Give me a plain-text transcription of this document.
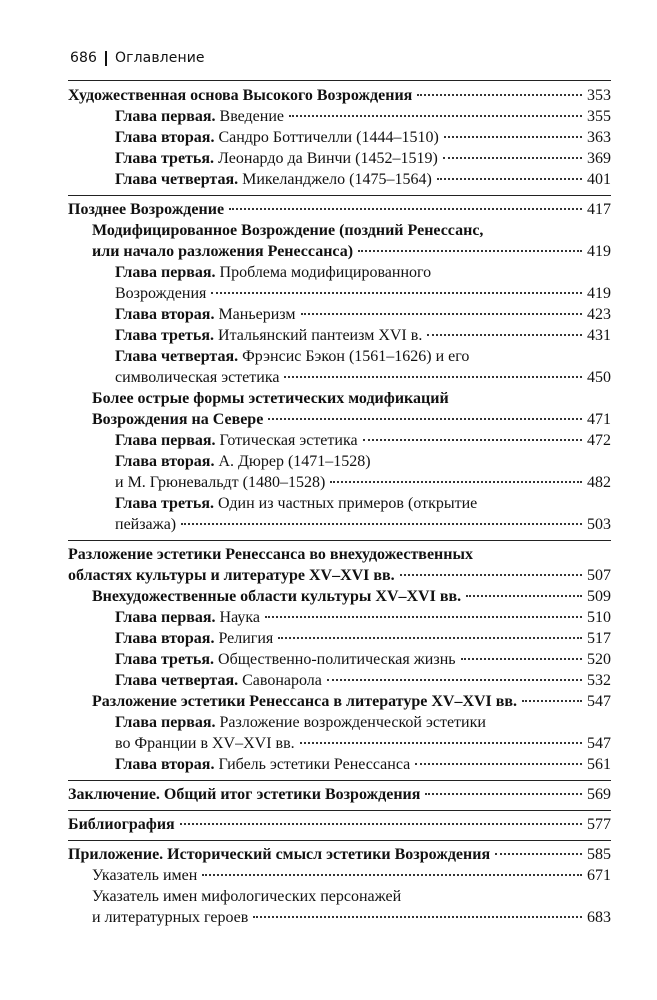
686 Оглавление
Художественная основа Высокого Возрождения	353
Глава первая. Введение	355
Глава вторая. Сандро Боттичелли (1444–1510)	363
Глава третья. Леонардо да Винчи (1452–1519)	369
Глава четвертая. Микеланджело (1475–1564)	401
Позднее Возрождение	417
Модифицированное Возрождение (поздний Ренессанс,
или начало разложения Ренессанса)	419
Глава первая. Проблема модифицированного
Возрождения	419
Глава вторая. Маньеризм	423
Глава третья. Итальянский пантеизм XVI в.	431
Глава четвертая. Фрэнсис Бэкон (1561–1626) и его
символическая эстетика	450
Более острые формы эстетических модификаций
Возрождения на Севере	471
Глава первая. Готическая эстетика	472
Глава вторая. А. Дюрер (1471–1528)
и М. Грюневальдт (1480–1528)	482
Глава третья. Один из частных примеров (открытие
пейзажа)	503
Разложение эстетики Ренессанса во внехудожественных
областях культуры и литературе XV–XVI вв.	507
Внехудожественные области культуры XV–XVI вв.	509
Глава первая. Наука	510
Глава вторая. Религия	517
Глава третья. Общественно-политическая жизнь	520
Глава четвертая. Савонарола	532
Разложение эстетики Ренессанса в литературе XV–XVI вв.	547
Глава первая. Разложение возрожденческой эстетики
во Франции в XV–XVI вв.	547
Глава вторая. Гибель эстетики Ренессанса	561
Заключение. Общий итог эстетики Возрождения	569
Библиография	577
Приложение. Исторический смысл эстетики Возрождения	585
Указатель имен	671
Указатель имен мифологических персонажей
и литературных героев	683
